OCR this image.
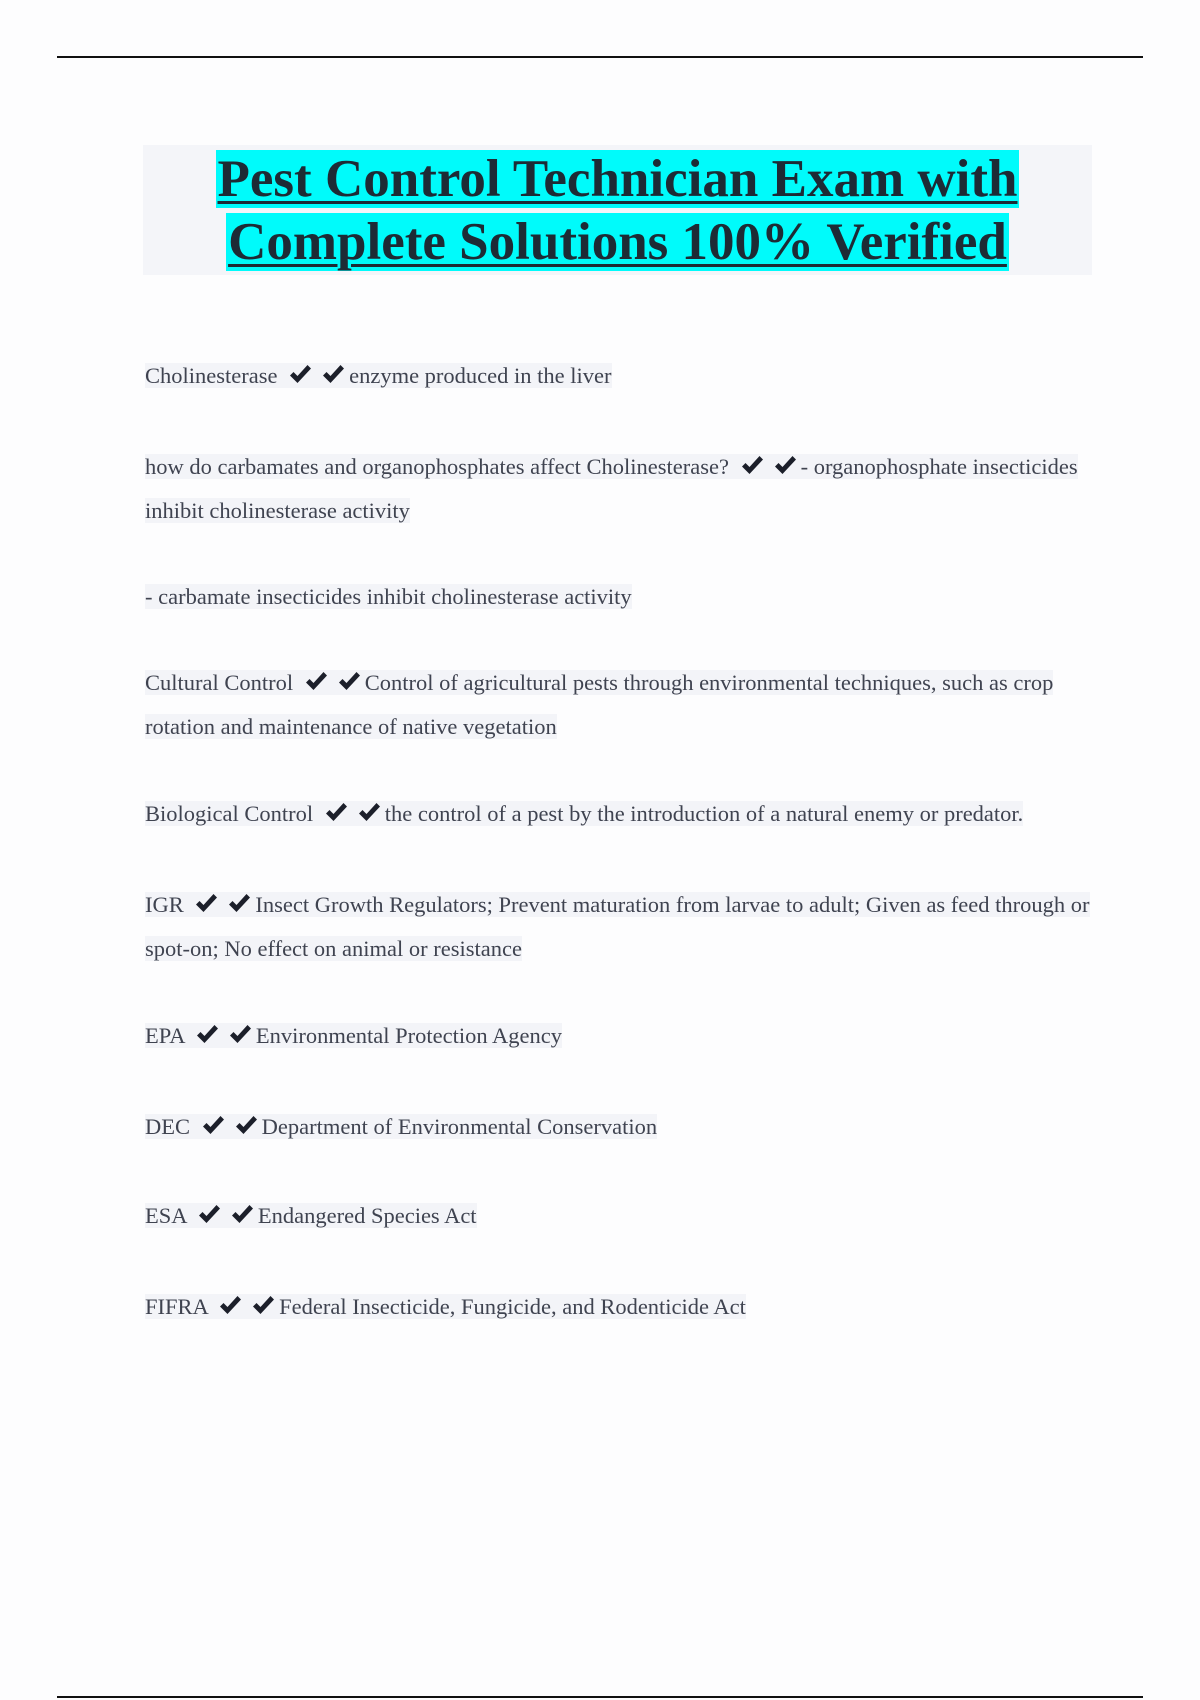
Pest Control Technician Exam with
Complete Solutions 100% Verified
Cholinesterase	enzyme produced in the liver
how do carbamates and organophosphates affect Cholinesterase?	- organophosphate insecticides inhibit cholinesterase activity
- carbamate insecticides inhibit cholinesterase activity
Cultural Control	Control of agricultural pests through environmental techniques, such as crop rotation and maintenance of native vegetation
Biological Control	the control of a pest by the introduction of a natural enemy or predator.
IGR	Insect Growth Regulators; Prevent maturation from larvae to adult; Given as feed through or spot-on; No effect on animal or resistance
EPA	Environmental Protection Agency
DEC	Department of Environmental Conservation
ESA	Endangered Species Act
FIFRA	Federal Insecticide, Fungicide, and Rodenticide Act
